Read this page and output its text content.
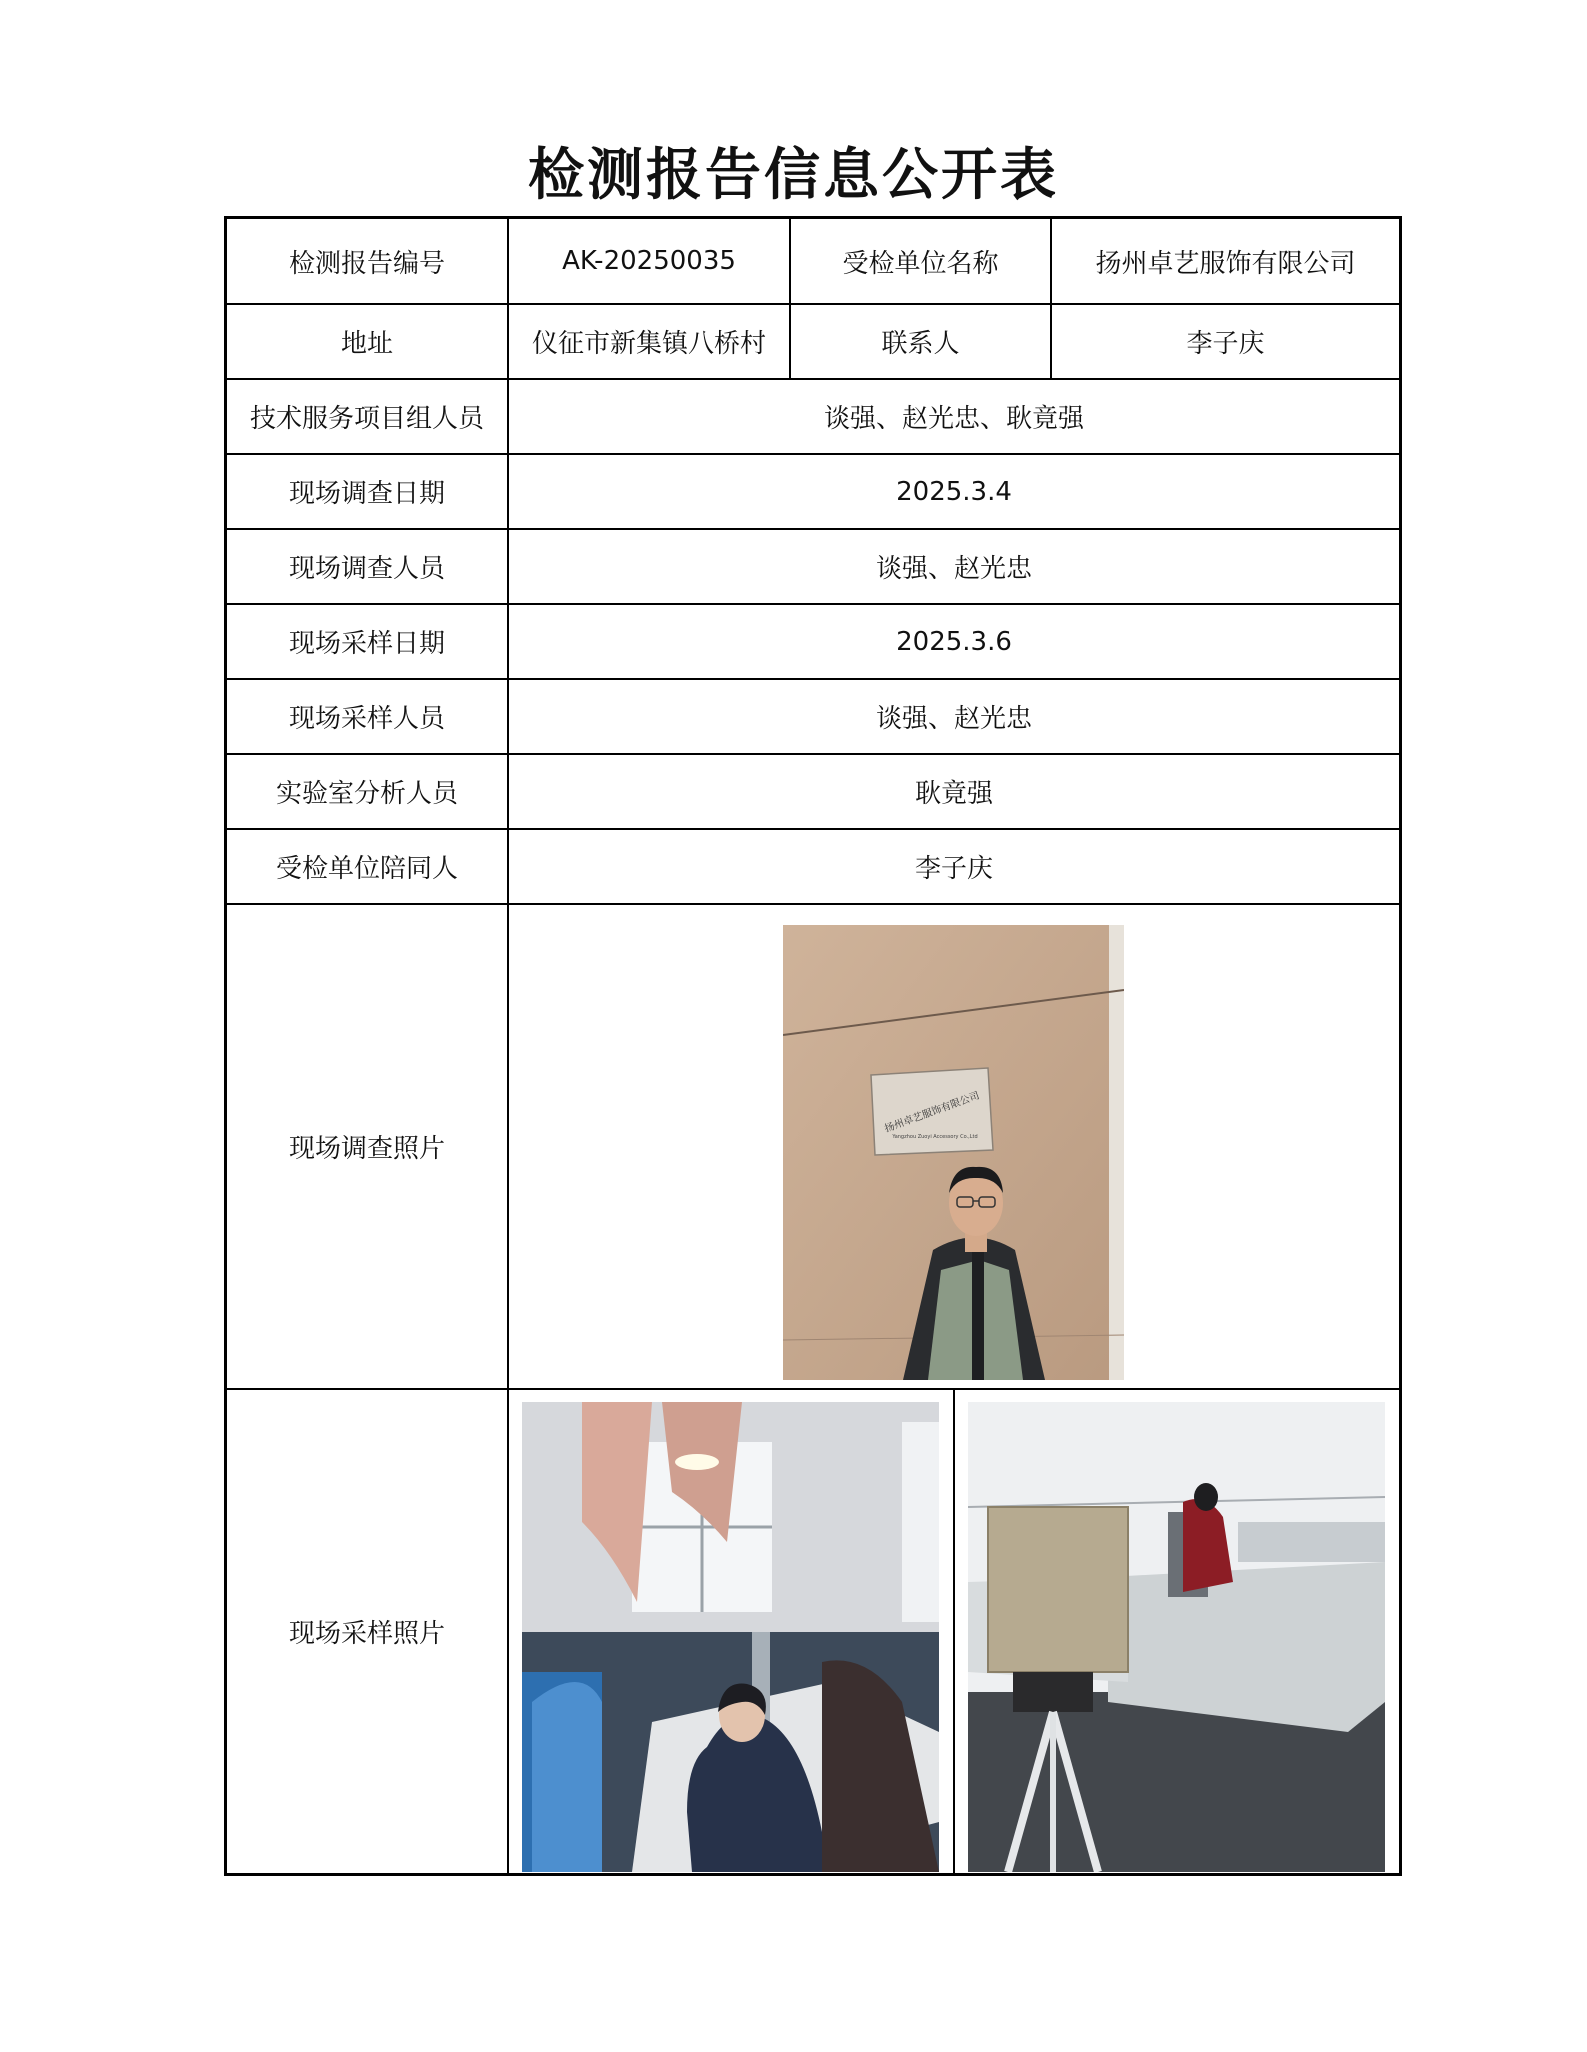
检测报告信息公开表
检测报告编号	AK-20250035	受检单位名称	扬州卓艺服饰有限公司
地址	仪征市新集镇八桥村	联系人	李子庆
技术服务项目组人员	谈强、赵光忠、耿竟强
现场调查日期	2025.3.4
现场调查人员	谈强、赵光忠
现场采样日期	2025.3.6
现场采样人员	谈强、赵光忠
实验室分析人员	耿竟强
受检单位陪同人	李子庆
现场调查照片
扬州卓艺服饰有限公司
Yangzhou Zuoyi Accessory Co.,Ltd
现场采样照片
